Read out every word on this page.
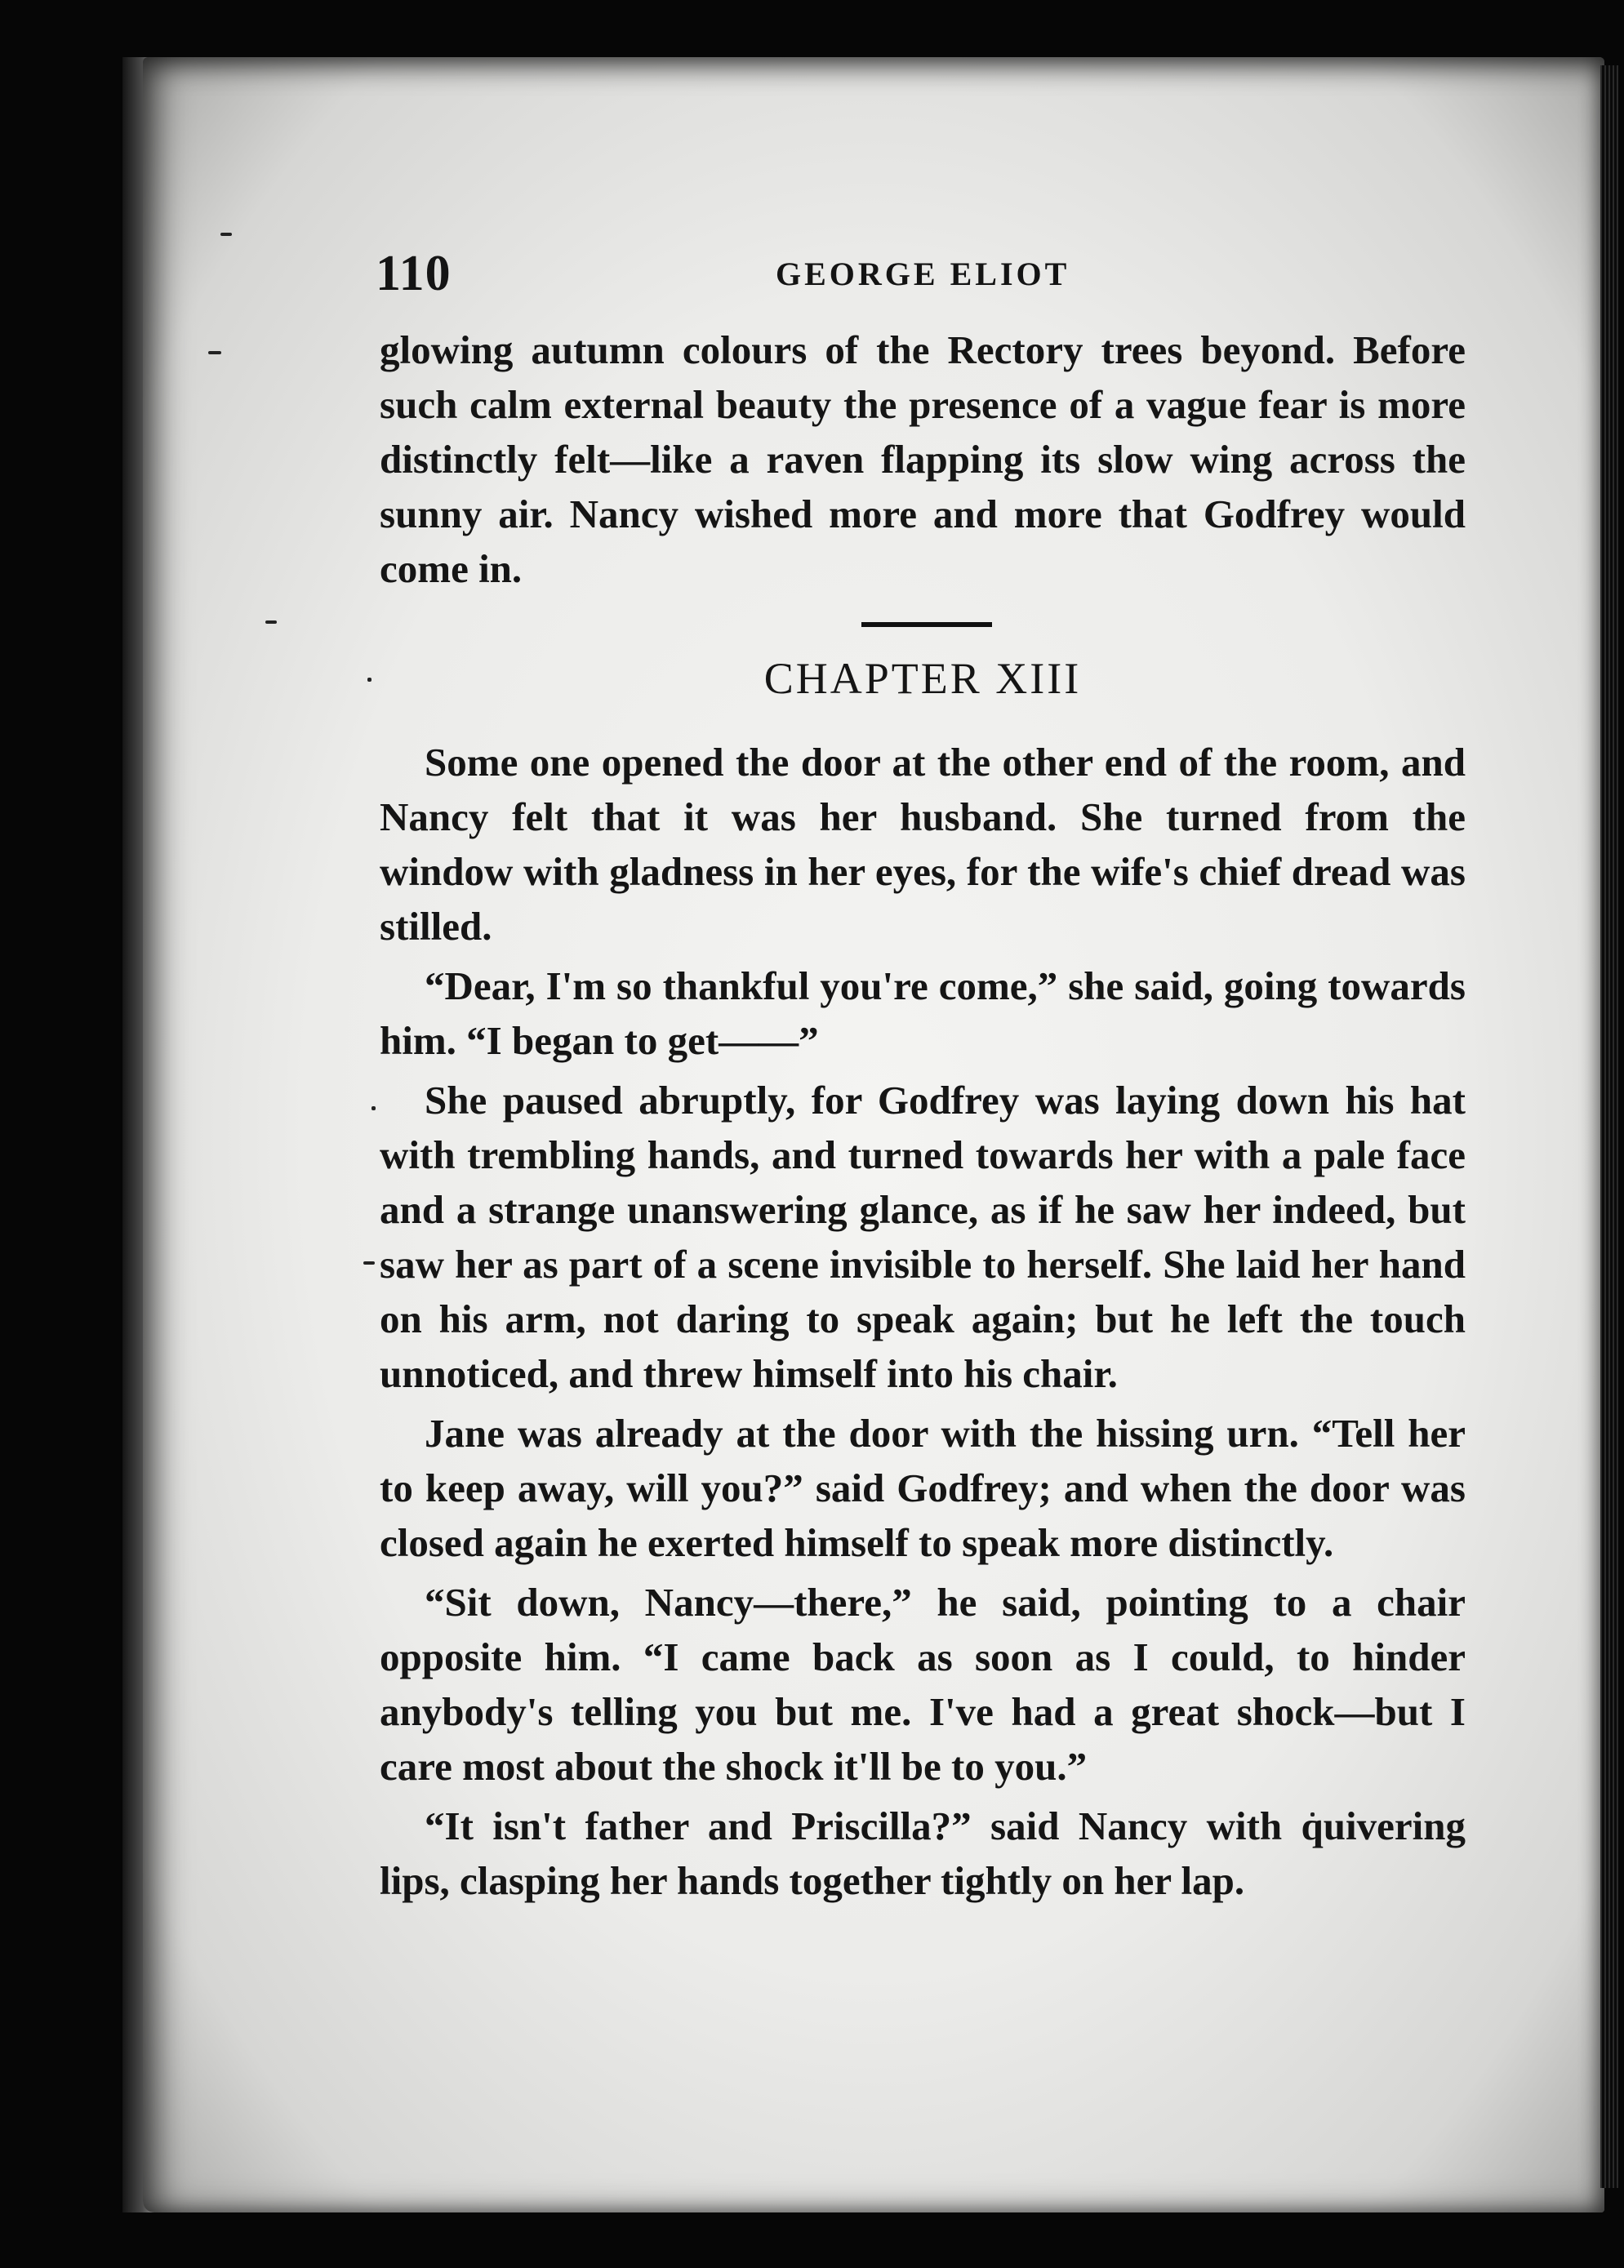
110	GEORGE ELIOT

glowing autumn colours of the Rectory trees beyond. Before such calm external beauty the presence of a vague fear is more distinctly felt—like a raven flapping its slow wing across the sunny air. Nancy wished more and more that Godfrey would come in.

CHAPTER XIII

Some one opened the door at the other end of the room, and Nancy felt that it was her husband. She turned from the window with gladness in her eyes, for the wife's chief dread was stilled.

“Dear, I'm so thankful you're come,” she said, going towards him. “I began to get——”

She paused abruptly, for Godfrey was laying down his hat with trembling hands, and turned towards her with a pale face and a strange unanswering glance, as if he saw her indeed, but saw her as part of a scene invisible to herself. She laid her hand on his arm, not daring to speak again; but he left the touch unnoticed, and threw himself into his chair.

Jane was already at the door with the hissing urn. “Tell her to keep away, will you?” said Godfrey; and when the door was closed again he exerted himself to speak more distinctly.

“Sit down, Nancy—there,” he said, pointing to a chair opposite him. “I came back as soon as I could, to hinder anybody's telling you but me. I've had a great shock—but I care most about the shock it'll be to you.”

“It isn't father and Priscilla?” said Nancy with quivering lips, clasping her hands together tightly on her lap.
